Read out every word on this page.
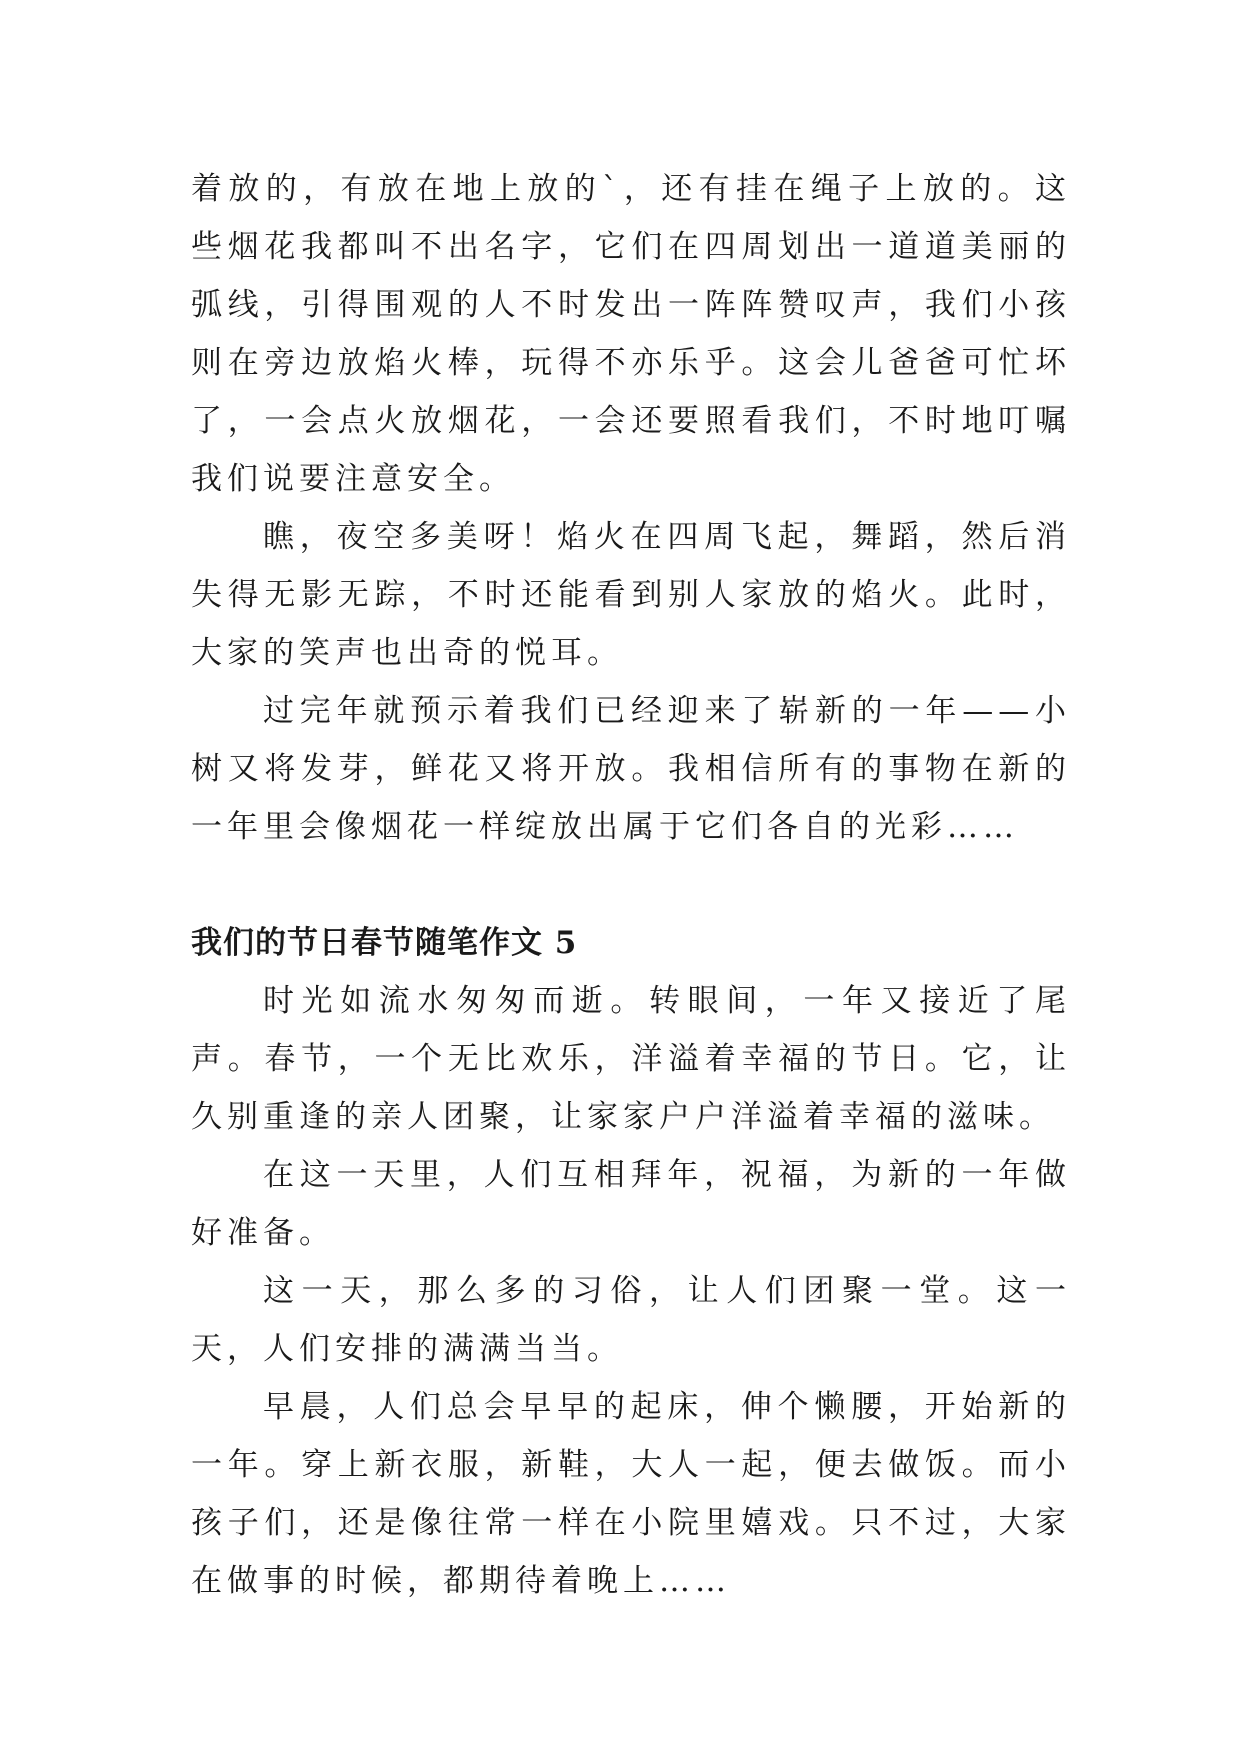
着放的，有放在地上放的`，还有挂在绳子上放的。这些烟花我都叫不出名字，它们在四周划出一道道美丽的弧线，引得围观的人不时发出一阵阵赞叹声，我们小孩则在旁边放焰火棒，玩得不亦乐乎。这会儿爸爸可忙坏了，一会点火放烟花，一会还要照看我们，不时地叮嘱我们说要注意安全。

瞧，夜空多美呀！焰火在四周飞起，舞蹈，然后消失得无影无踪，不时还能看到别人家放的焰火。此时，大家的笑声也出奇的悦耳。

过完年就预示着我们已经迎来了崭新的一年——小树又将发芽，鲜花又将开放。我相信所有的事物在新的一年里会像烟花一样绽放出属于它们各自的光彩……

我们的节日春节随笔作文 5

时光如流水匆匆而逝。转眼间，一年又接近了尾声。春节，一个无比欢乐，洋溢着幸福的节日。它，让久别重逢的亲人团聚，让家家户户洋溢着幸福的滋味。

在这一天里，人们互相拜年，祝福，为新的一年做好准备。

这一天，那么多的习俗，让人们团聚一堂。这一天，人们安排的满满当当。

早晨，人们总会早早的起床，伸个懒腰，开始新的一年。穿上新衣服，新鞋，大人一起，便去做饭。而小孩子们，还是像往常一样在小院里嬉戏。只不过，大家在做事的时候，都期待着晚上……
